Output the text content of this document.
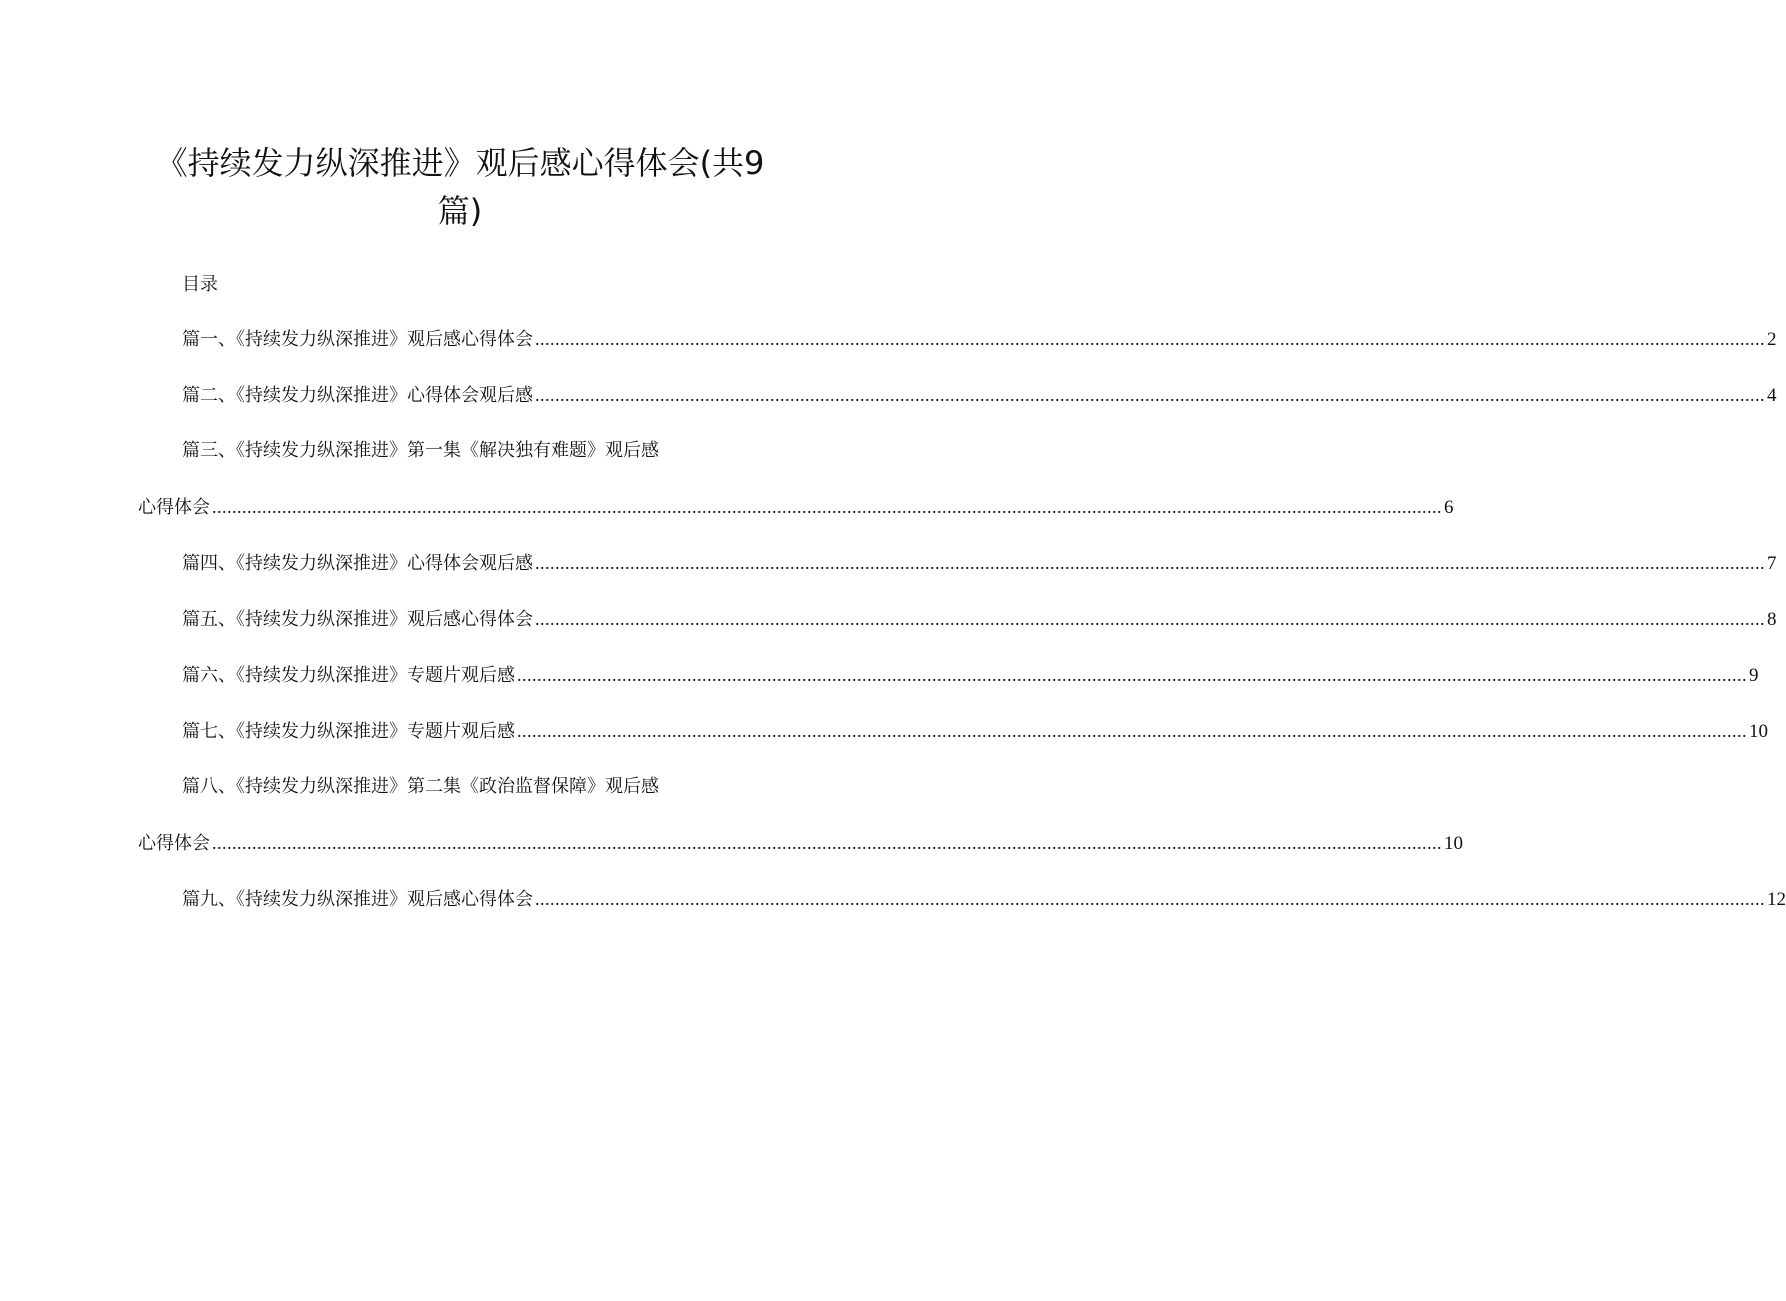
《持续发力纵深推进》观后感心得体会(共9
篇)
目录
篇一、《持续发力纵深推进》观后感心得体会 ...................................................................................................................................................................................................................................................... 2
篇二、《持续发力纵深推进》心得体会观后感 ...................................................................................................................................................................................................................................................... 4
篇三、《持续发力纵深推进》第一集《解决独有难题》观后感
心得体会 ...................................................................................................................................................................................................................................................... 6
篇四、《持续发力纵深推进》心得体会观后感 ...................................................................................................................................................................................................................................................... 7
篇五、《持续发力纵深推进》观后感心得体会 ...................................................................................................................................................................................................................................................... 8
篇六、《持续发力纵深推进》专题片观后感 ...................................................................................................................................................................................................................................................... 9
篇七、《持续发力纵深推进》专题片观后感 ...................................................................................................................................................................................................................................................... 10
篇八、《持续发力纵深推进》第二集《政治监督保障》观后感
心得体会 ...................................................................................................................................................................................................................................................... 10
篇九、《持续发力纵深推进》观后感心得体会 ...................................................................................................................................................................................................................................................... 12
